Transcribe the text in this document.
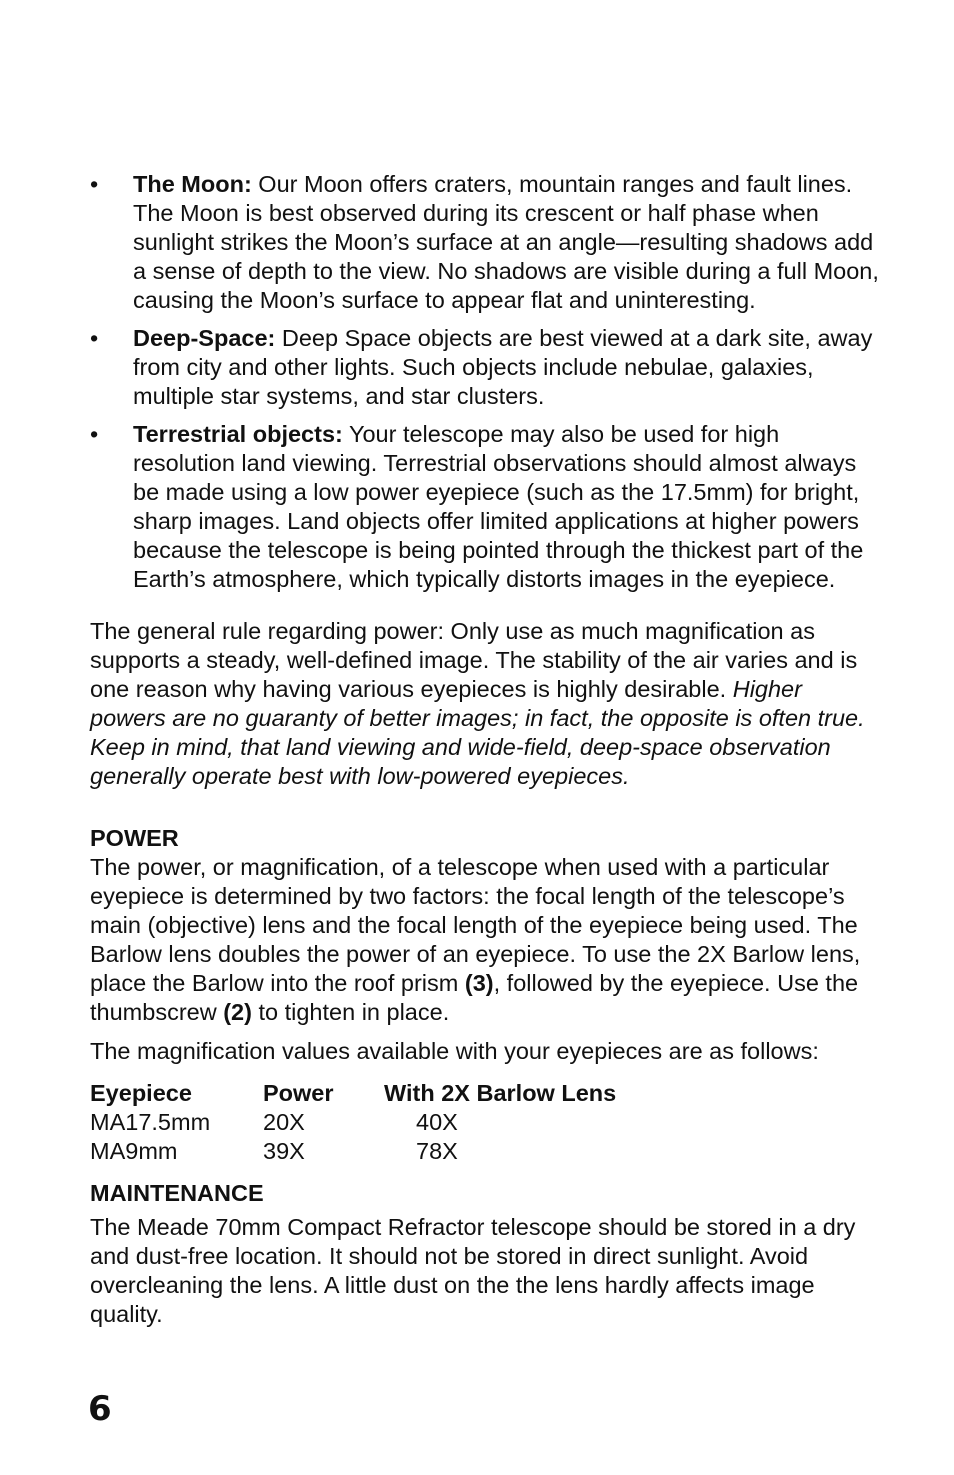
• The Moon: Our Moon offers craters, mountain ranges and fault lines. The Moon is best observed during its crescent or half phase when sunlight strikes the Moon’s surface at an angle—resulting shadows add a sense of depth to the view. No shadows are visible during a full Moon, causing the Moon’s surface to appear flat and uninteresting.
• Deep-Space: Deep Space objects are best viewed at a dark site, away from city and other lights. Such objects include nebulae, galaxies, multiple star systems, and star clusters.
• Terrestrial objects: Your telescope may also be used for high resolution land viewing. Terrestrial observations should almost always be made using a low power eyepiece (such as the 17.5mm) for bright, sharp images. Land objects offer limited applications at higher powers because the telescope is being pointed through the thickest part of the Earth’s atmosphere, which typically distorts images in the eyepiece.

The general rule regarding power: Only use as much magnification as supports a steady, well-defined image. The stability of the air varies and is one reason why having various eyepieces is highly desirable. Higher powers are no guaranty of better images; in fact, the opposite is often true. Keep in mind, that land viewing and wide-field, deep-space observation generally operate best with low-powered eyepieces.

POWER

The power, or magnification, of a telescope when used with a particular eyepiece is determined by two factors: the focal length of the telescope’s main (objective) lens and the focal length of the eyepiece being used. The Barlow lens doubles the power of an eyepiece. To use the 2X Barlow lens, place the Barlow into the roof prism (3), followed by the eyepiece. Use the thumbscrew (2) to tighten in place.

The magnification values available with your eyepieces are as follows:

Eyepiece	Power	With 2X Barlow Lens
MA17.5mm	20X	40X
MA9mm	39X	78X
MAINTENANCE

The Meade 70mm Compact Refractor telescope should be stored in a dry and dust-free location. It should not be stored in direct sunlight. Avoid overcleaning the lens. A little dust on the the lens hardly affects image quality.

6
